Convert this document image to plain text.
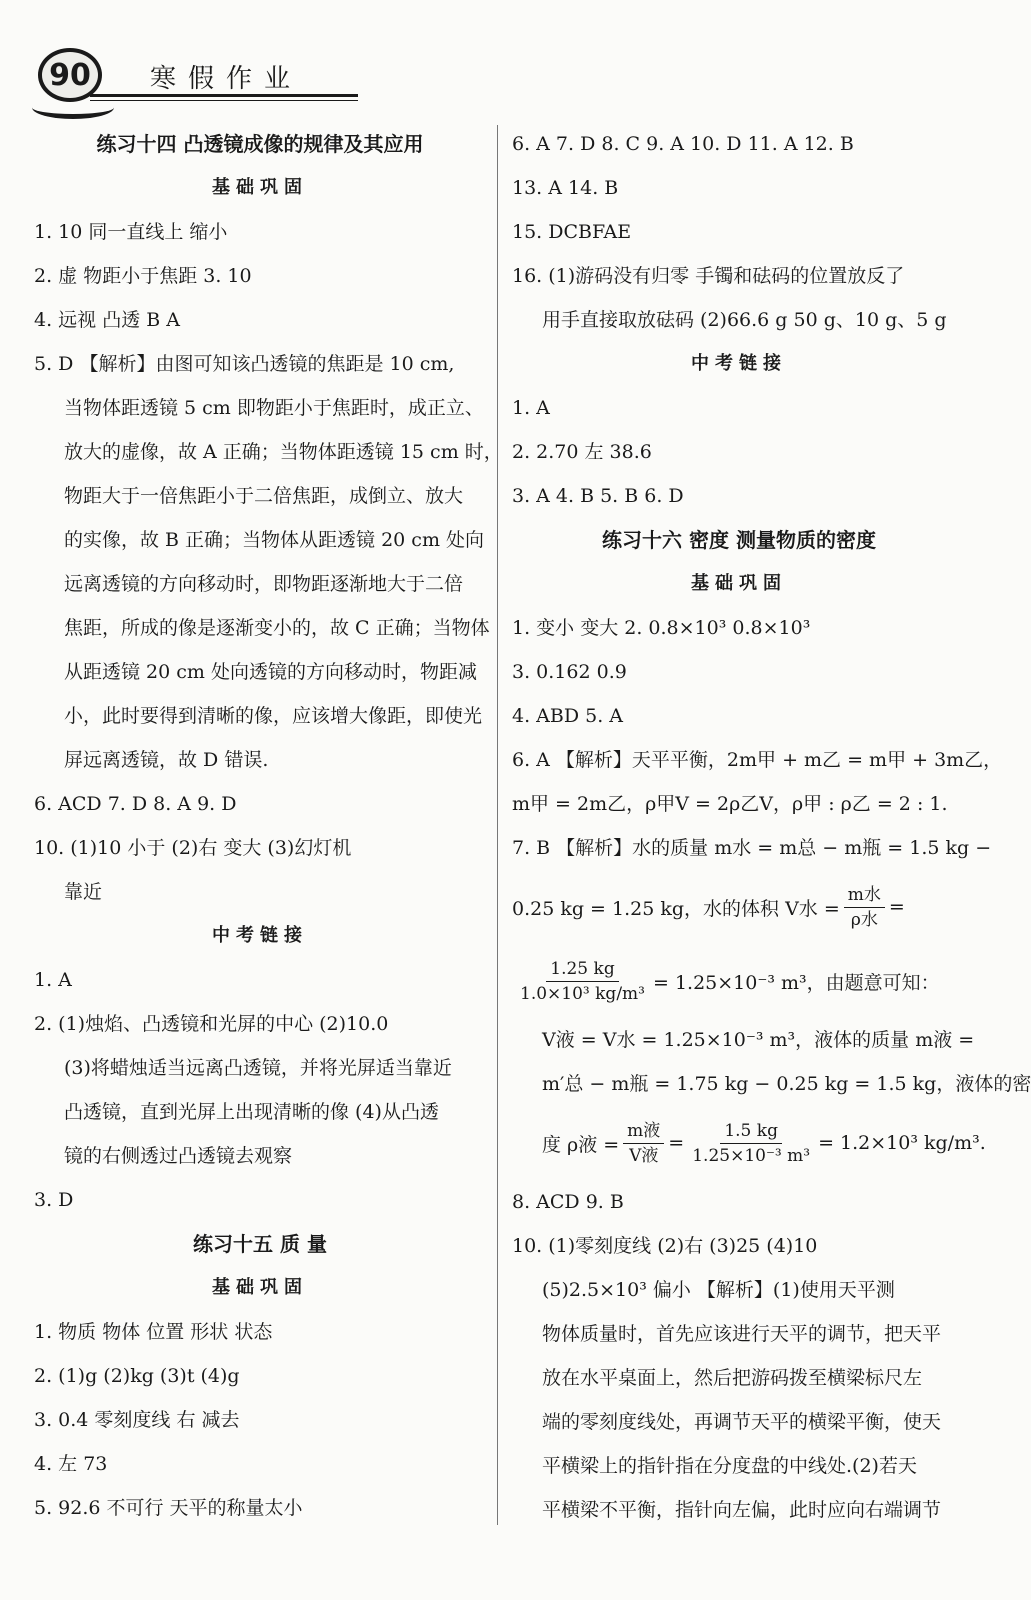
90	寒假作业
练习十四 凸透镜成像的规律及其应用
基础巩固
1. 10 同一直线上 缩小
2. 虚 物距小于焦距 3. 10
4. 远视 凸透 B A
5. D 【解析】由图可知该凸透镜的焦距是 10 cm,
当物体距透镜 5 cm 即物距小于焦距时，成正立、
放大的虚像，故 A 正确；当物体距透镜 15 cm 时，
物距大于一倍焦距小于二倍焦距，成倒立、放大
的实像，故 B 正确；当物体从距透镜 20 cm 处向
远离透镜的方向移动时，即物距逐渐地大于二倍
焦距，所成的像是逐渐变小的，故 C 正确；当物体
从距透镜 20 cm 处向透镜的方向移动时，物距减
小，此时要得到清晰的像，应该增大像距，即使光
屏远离透镜，故 D 错误.
6. ACD 7. D 8. A 9. D
10. (1)10 小于 (2)右 变大 (3)幻灯机
靠近
中考链接
1. A
2. (1)烛焰、凸透镜和光屏的中心 (2)10.0
(3)将蜡烛适当远离凸透镜，并将光屏适当靠近
凸透镜，直到光屏上出现清晰的像 (4)从凸透
镜的右侧透过凸透镜去观察
3. D
练习十五 质 量
基础巩固
1. 物质 物体 位置 形状 状态
2. (1)g (2)kg (3)t (4)g
3. 0.4 零刻度线 右 减去
4. 左 73
5. 92.6 不可行 天平的称量太小
6. A 7. D 8. C 9. A 10. D 11. A 12. B
13. A 14. B
15. DCBFAE
16. (1)游码没有归零 手镯和砝码的位置放反了
用手直接取放砝码 (2)66.6 g 50 g、10 g、5 g
中考链接
1. A
2. 2.70 左 38.6
3. A 4. B 5. B 6. D
练习十六 密度 测量物质的密度
基础巩固
1. 变小 变大 2. 0.8×10³ 0.8×10³
3. 0.162 0.9
4. ABD 5. A
6. A 【解析】天平平衡，2m甲 + m乙 = m甲 + 3m乙，
m甲 = 2m乙，ρ甲V = 2ρ乙V，ρ甲 : ρ乙 = 2 : 1.
7. B 【解析】水的质量 m水 = m总 − m瓶 = 1.5 kg −
0.25 kg = 1.25 kg，水的体积 V水 = $\frac{\text{m水}}{\text{ρ水}}$ =
$\frac{1.25 kg}{\text{1.0×10³ kg/m³}} = 1.25\times 10^{-3}$ m³，由题意可知：
V液 = V水 = 1.25×10⁻³ m³，液体的质量 m液 =
m′总 − m瓶 = 1.75 kg − 0.25 kg = 1.5 kg，液体的密
度 ρ液 = $\frac{\text{m液}}{\text{V液}} = \frac{1.5 kg}{\text{1.25×10⁻³ m³}} = 1.2\times 10^3$ kg/m³.
8. ACD 9. B
10. (1)零刻度线 (2)右 (3)25 (4)10
(5)2.5×10³ 偏小 【解析】(1)使用天平测
物体质量时，首先应该进行天平的调节，把天平
放在水平桌面上，然后把游码拨至横梁标尺左
端的零刻度线处，再调节天平的横梁平衡，使天
平横梁上的指针指在分度盘的中线处.(2)若天
平横梁不平衡，指针向左偏，此时应向右端调节
